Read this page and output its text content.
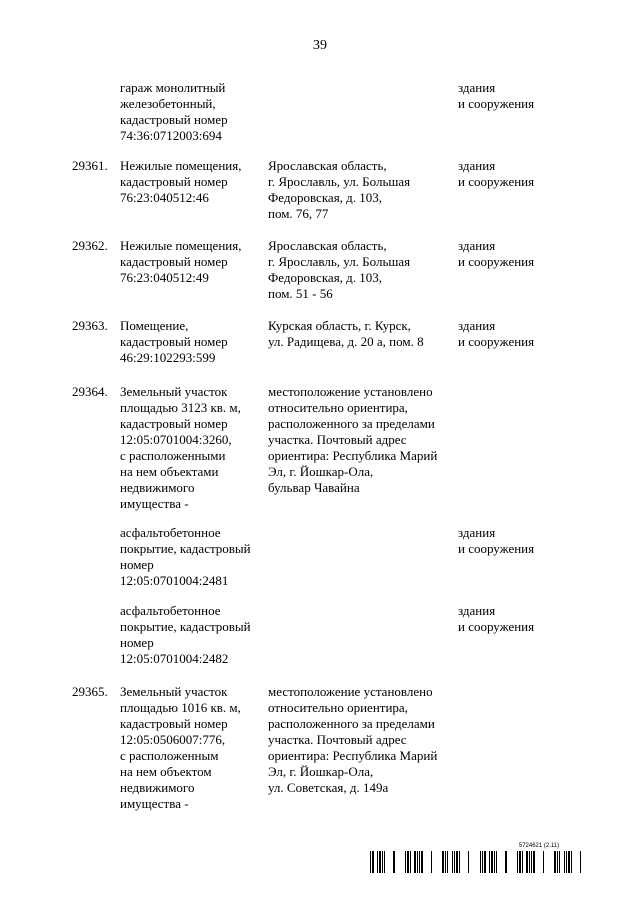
39
гараж монолитный
железобетонный,
кадастровый номер
74:36:0712003:694
здания
и сооружения
29361. Нежилые помещения,
кадастровый номер
76:23:040512:46
Ярославская область,
г. Ярославль, ул. Большая
Федоровская, д. 103,
пом. 76, 77
здания
и сооружения
29362. Нежилые помещения,
кадастровый номер
76:23:040512:49
Ярославская область,
г. Ярославль, ул. Большая
Федоровская, д. 103,
пом. 51 - 56
здания
и сооружения
29363. Помещение,
кадастровый номер
46:29:102293:599
Курская область, г. Курск,
ул. Радищева, д. 20 а, пом. 8
здания
и сооружения
29364. Земельный участок
площадью 3123 кв. м,
кадастровый номер
12:05:0701004:3260,
с расположенными
на нем объектами
недвижимого
имущества -
местоположение установлено
относительно ориентира,
расположенного за пределами
участка. Почтовый адрес
ориентира: Республика Марий
Эл, г. Йошкар-Ола,
бульвар Чавайна
асфальтобетонное
покрытие, кадастровый
номер
12:05:0701004:2481
здания
и сооружения
асфальтобетонное
покрытие, кадастровый
номер
12:05:0701004:2482
здания
и сооружения
29365. Земельный участок
площадью 1016 кв. м,
кадастровый номер
12:05:0506007:776,
с расположенным
на нем объектом
недвижимого
имущества -
местоположение установлено
относительно ориентира,
расположенного за пределами
участка. Почтовый адрес
ориентира: Республика Марий
Эл, г. Йошкар-Ола,
ул. Советская, д. 149а
5724621 (2.11)
